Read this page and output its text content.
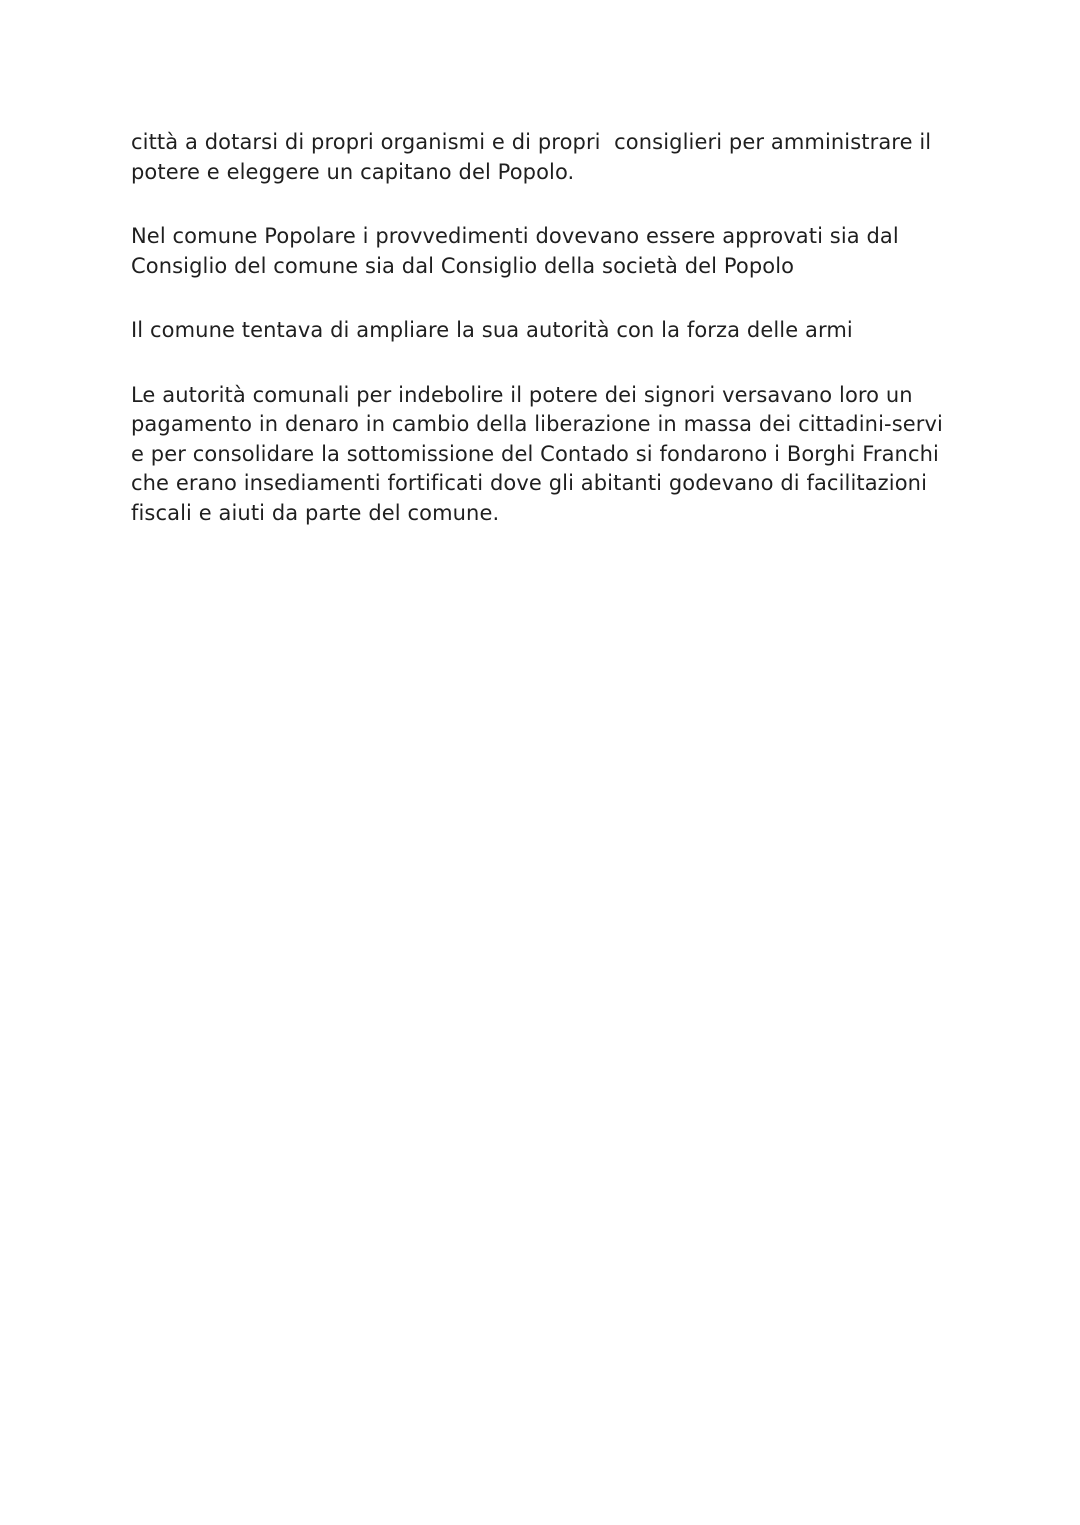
città a dotarsi di propri organismi e di propri  consiglieri per amministrare il
potere e eleggere un capitano del Popolo.

Nel comune Popolare i provvedimenti dovevano essere approvati sia dal
Consiglio del comune sia dal Consiglio della società del Popolo

Il comune tentava di ampliare la sua autorità con la forza delle armi

Le autorità comunali per indebolire il potere dei signori versavano loro un
pagamento in denaro in cambio della liberazione in massa dei cittadini-servi
e per consolidare la sottomissione del Contado si fondarono i Borghi Franchi
che erano insediamenti fortificati dove gli abitanti godevano di facilitazioni
fiscali e aiuti da parte del comune.
